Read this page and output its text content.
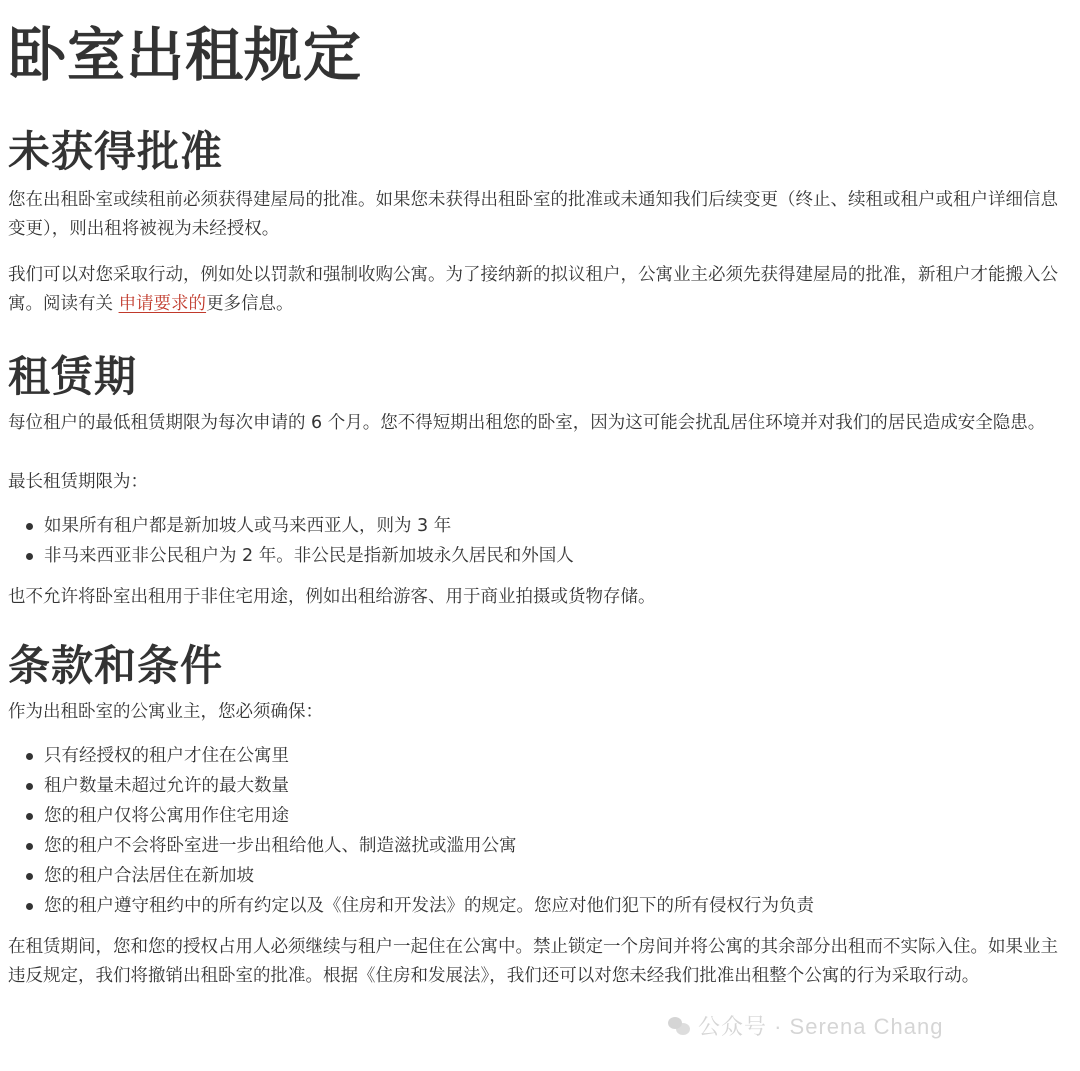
卧室出租规定
未获得批准

您在出租卧室或续租前必须获得建屋局的批准。如果您未获得出租卧室的批准或未通知我们后续变更（终止、续租或租户或租户详细信息变更），则出租将被视为未经授权。

我们可以对您采取行动，例如处以罚款和强制收购公寓。为了接纳新的拟议租户，公寓业主必须先获得建屋局的批准，新租户才能搬入公寓。阅读有关 申请要求的更多信息。

租赁期

每位租户的最低租赁期限为每次申请的 6 个月。您不得短期出租您的卧室，因为这可能会扰乱居住环境并对我们的居民造成安全隐患。

最长租赁期限为：

如果所有租户都是新加坡人或马来西亚人，则为 3 年
非马来西亚非公民租户为 2 年。非公民是指新加坡永久居民和外国人

也不允许将卧室出租用于非住宅用途，例如出租给游客、用于商业拍摄或货物存储。

条款和条件

作为出租卧室的公寓业主，您必须确保：

只有经授权的租户才住在公寓里
租户数量未超过允许的最大数量
您的租户仅将公寓用作住宅用途
您的租户不会将卧室进一步出租给他人、制造滋扰或滥用公寓
您的租户合法居住在新加坡
您的租户遵守租约中的所有约定以及《住房和开发法》的规定。您应对他们犯下的所有侵权行为负责

在租赁期间，您和您的授权占用人必须继续与租户一起住在公寓中。禁止锁定一个房间并将公寓的其余部分出租而不实际入住。如果业主违反规定，我们将撤销出租卧室的批准。根据《住房和发展法》，我们还可以对您未经我们批准出租整个公寓的行为采取行动。

公众号 · Serena Chang
